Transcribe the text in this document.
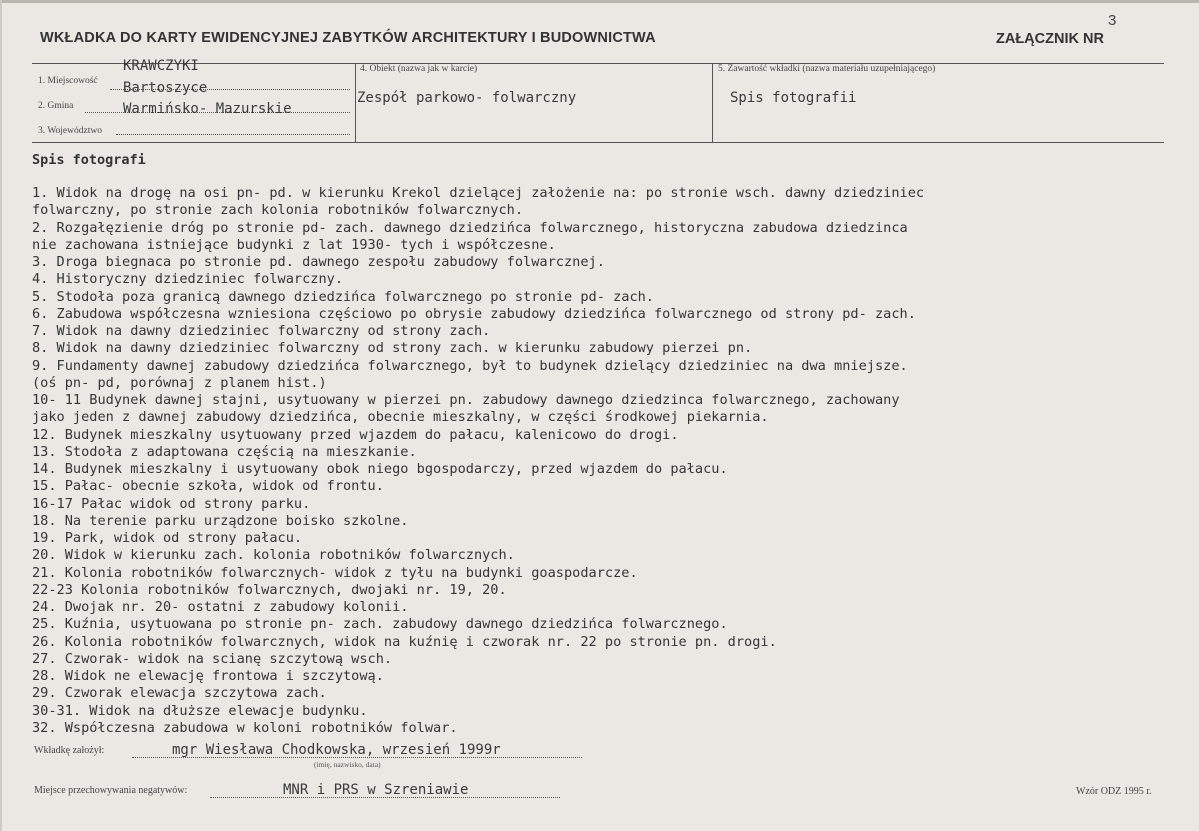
WKŁADKA DO KARTY EWIDENCYJNEJ ZABYTKÓW ARCHITEKTURY I BUDOWNICTWA	ZAŁĄCZNIK NR
3
1. Miejscowość
KRAWCZYKI
2. Gmina
Bartoszyce
3. Województwo
Warmińsko- Mazurskie
4. Obiekt (nazwa jak w karcie)
Zespół parkowo- folwarczny
5. Zawartość wkładki (nazwa materiału uzupełniającego)
Spis fotografii
Spis fotografi
1. Widok na drogę na osi pn- pd. w kierunku Krekol dzielącej założenie na: po stronie wsch. dawny dziedziniec
folwarczny, po stronie zach kolonia robotników folwarcznych.
2. Rozgałęzienie dróg po stronie pd- zach. dawnego dziedzińca folwarcznego, historyczna zabudowa dziedzinca
nie zachowana istniejące budynki z lat 1930- tych i współczesne.
3. Droga biegnaca po stronie pd. dawnego zespołu zabudowy folwarcznej.
4. Historyczny dziedziniec folwarczny.
5. Stodoła poza granicą dawnego dziedzińca folwarcznego po stronie pd- zach.
6. Zabudowa współczesna wzniesiona częściowo po obrysie zabudowy dziedzińca folwarcznego od strony pd- zach.
7. Widok na dawny dziedziniec folwarczny od strony zach.
8. Widok na dawny dziedziniec folwarczny od strony zach. w kierunku zabudowy pierzei pn.
9. Fundamenty dawnej zabudowy dziedzińca folwarcznego, był to budynek dzielący dziedziniec na dwa mniejsze.
(oś pn- pd, porównaj z planem hist.)
10- 11 Budynek dawnej stajni, usytuowany w pierzei pn. zabudowy dawnego dziedzinca folwarcznego, zachowany
jako jeden z dawnej zabudowy dziedzińca, obecnie mieszkalny, w części środkowej piekarnia.
12. Budynek mieszkalny usytuowany przed wjazdem do pałacu, kalenicowo do drogi.
13. Stodoła z adaptowana częścią na mieszkanie.
14. Budynek mieszkalny i usytuowany obok niego bgospodarczy, przed wjazdem do pałacu.
15. Pałac- obecnie szkoła, widok od frontu.
16-17 Pałac widok od strony parku.
18. Na terenie parku urządzone boisko szkolne.
19. Park, widok od strony pałacu.
20. Widok w kierunku zach. kolonia robotników folwarcznych.
21. Kolonia robotników folwarcznych- widok z tyłu na budynki goaspodarcze.
22-23 Kolonia robotników folwarcznych, dwojaki nr. 19, 20.
24. Dwojak nr. 20- ostatni z zabudowy kolonii.
25. Kuźnia, usytuowana po stronie pn- zach. zabudowy dawnego dziedzińca folwarcznego.
26. Kolonia robotników folwarcznych, widok na kuźnię i czworak nr. 22 po stronie pn. drogi.
27. Czworak- widok na scianę szczytową wsch.
28. Widok ne elewację frontowa i szczytową.
29. Czworak elewacja szczytowa zach.
30-31. Widok na dłuższe elewacje budynku.
32. Współczesna zabudowa w koloni robotników folwar.
Wkładkę założył:	mgr Wiesława Chodkowska, wrzesień 1999r
(imię, nazwisko, data)
Miejsce przechowywania negatywów:	MNR i PRS w Szreniawie	Wzór ODZ 1995 r.
